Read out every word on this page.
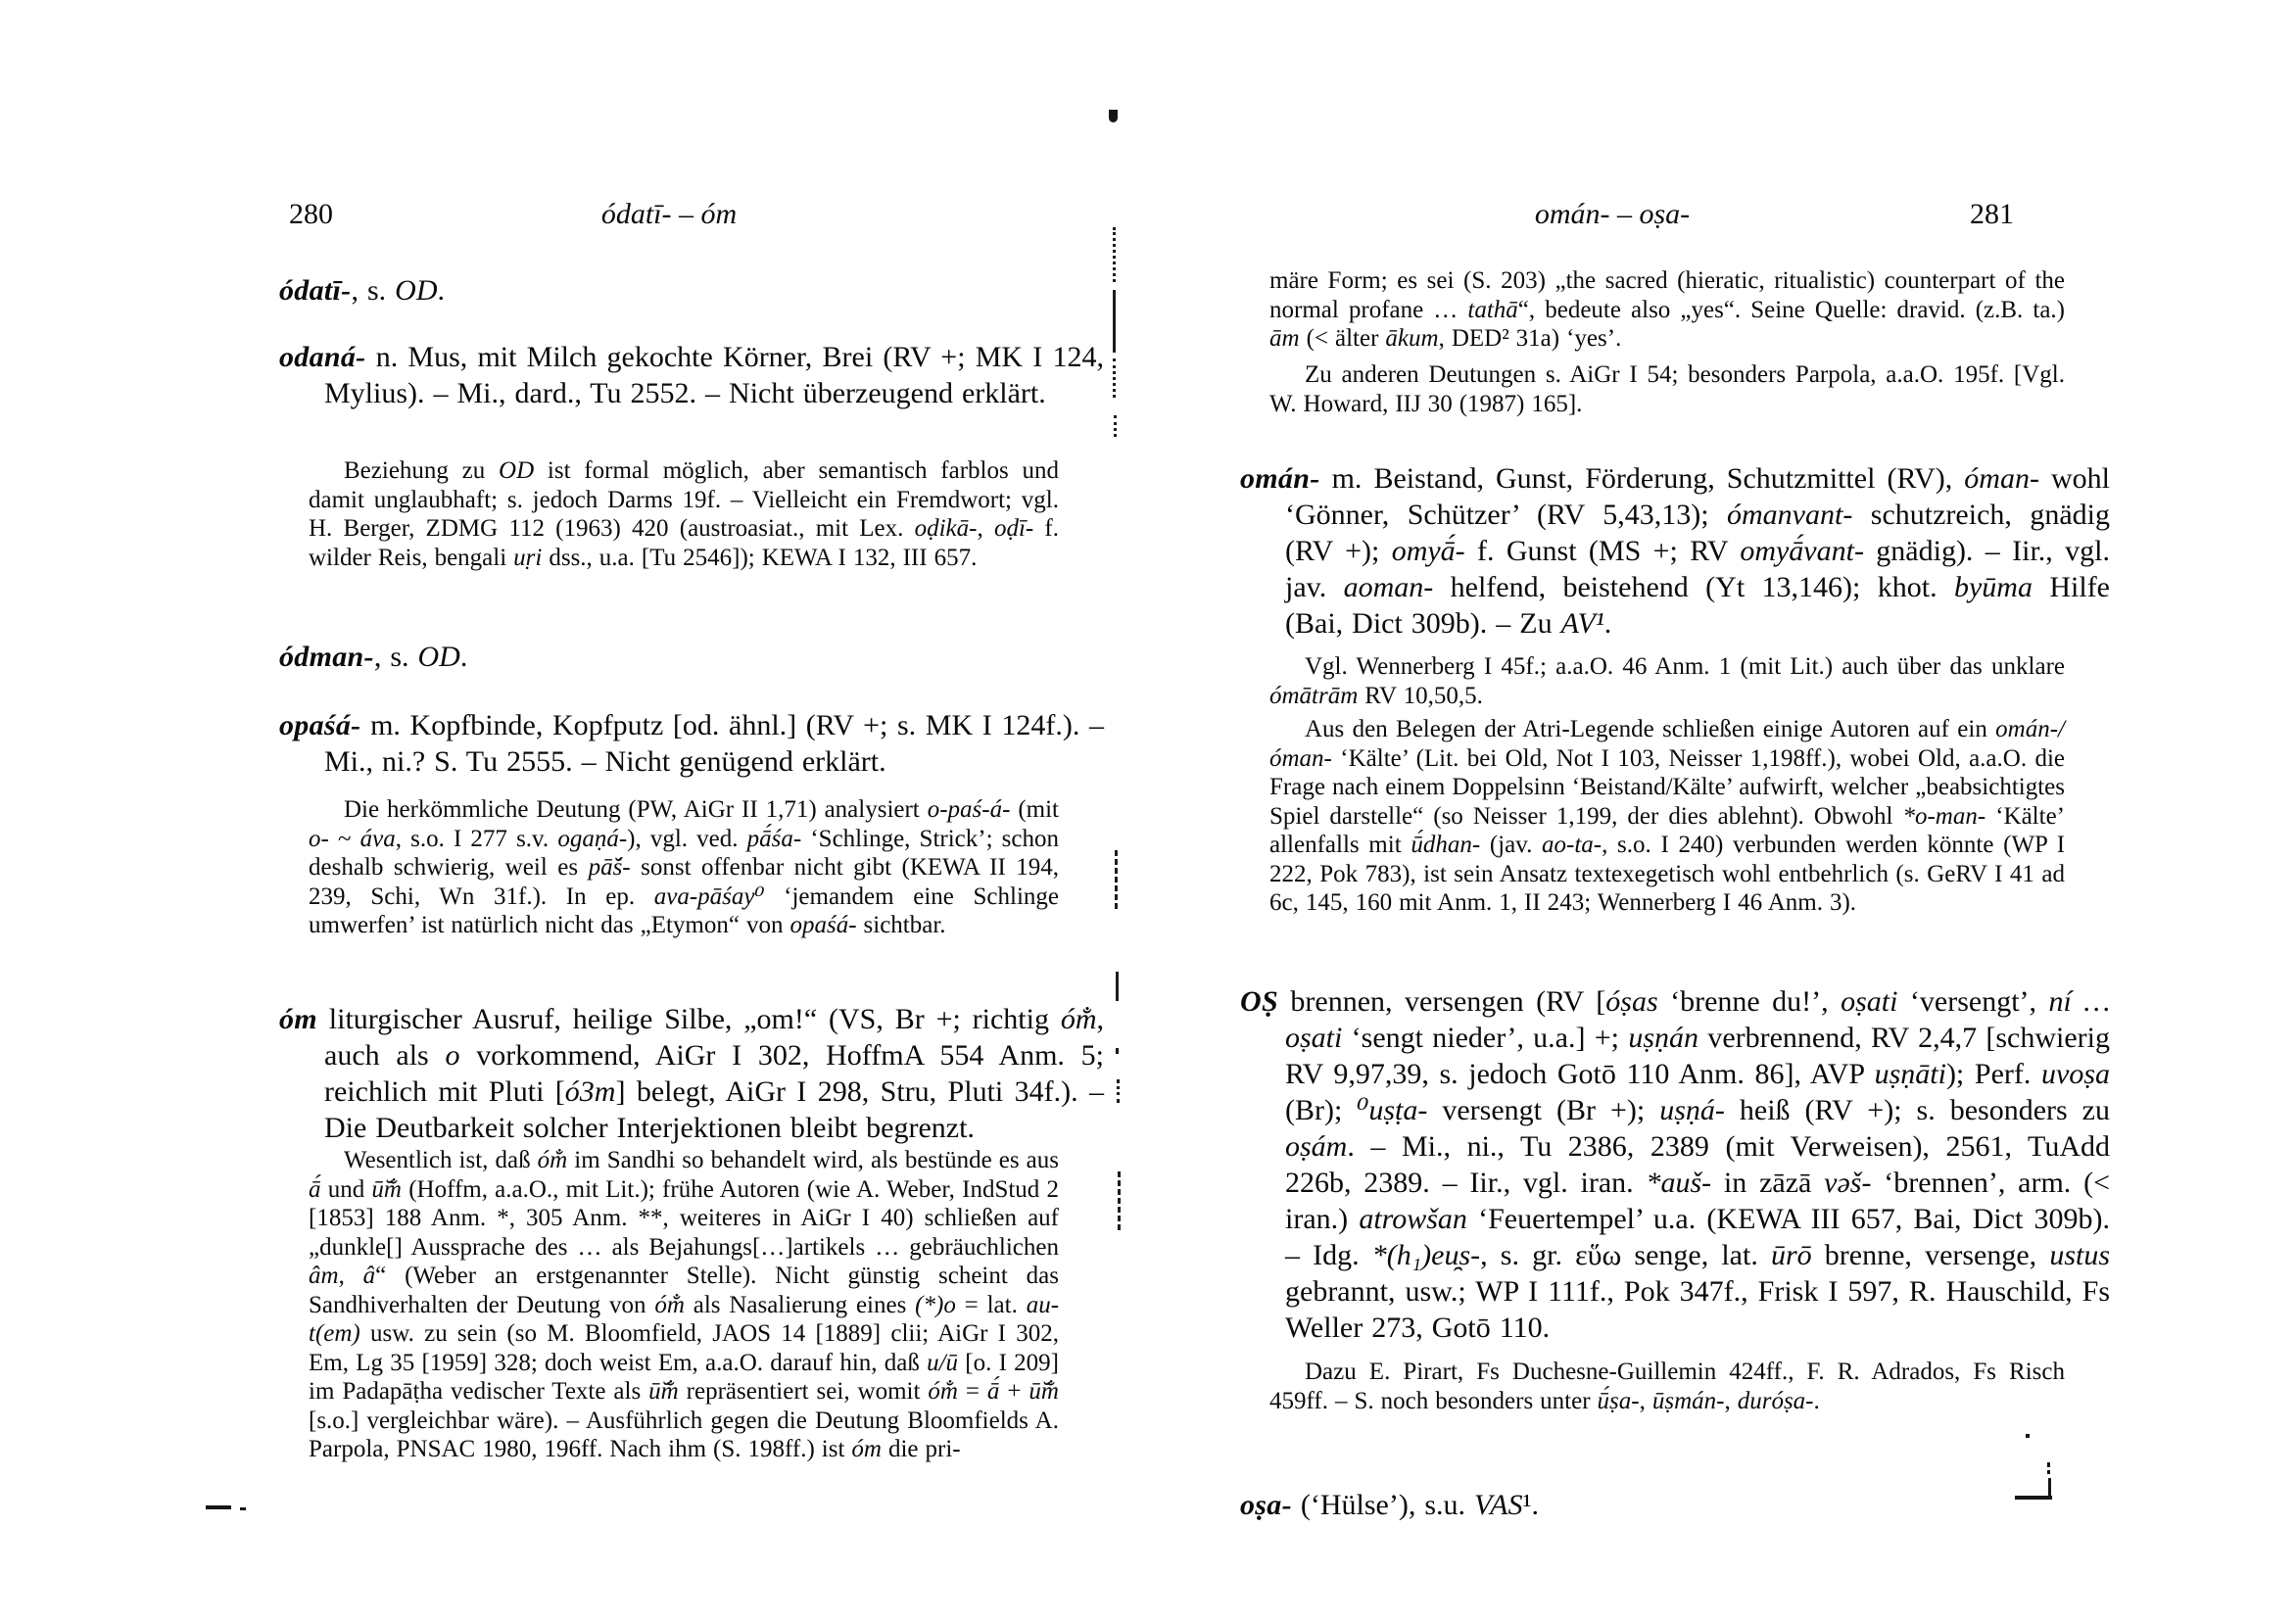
280	ódatī- – óm
ódatī-, s. OD.
odaná- n. Mus, mit Milch gekochte Körner, Brei (RV +; MK I 124, Mylius). – Mi., dard., Tu 2552. – Nicht überzeugend erklärt.
Beziehung zu OD ist formal möglich, aber semantisch farblos und damit unglaubhaft; s. jedoch Darms 19f. – Vielleicht ein Fremdwort; vgl. H. Berger, ZDMG 112 (1963) 420 (austroasiat., mit Lex. oḍikā-, oḍī- f. wilder Reis, bengali uṛi dss., u.a. [Tu 2546]); KEWA I 132, III 657.
ódman-, s. OD.
opaśá- m. Kopfbinde, Kopfputz [od. ähnl.] (RV +; s. MK I 124f.). – Mi., ni.? S. Tu 2555. – Nicht genügend erklärt.
Die herkömmliche Deutung (PW, AiGr II 1,71) analysiert o-paś-á- (mit o- ~ áva, s.o. I 277 s.v. ogaṇá-), vgl. ved. pā́śa- ‘Schlinge, Strick’; schon deshalb schwierig, weil es pā̆ś- sonst offenbar nicht gibt (KEWA II 194, 239, Schi, Wn 31f.). In ep. ava-pāśay⁰ ‘jemandem eine Schlinge umwerfen’ ist natürlich nicht das „Etymon“ von opaśá- sichtbar.
óm liturgischer Ausruf, heilige Silbe, „om!“ (VS, Br +; richtig óm̐, auch als o vorkommend, AiGr I 302, HoffmA 554 Anm. 5; reichlich mit Pluti [ó3m] belegt, AiGr I 298, Stru, Pluti 34f.). – Die Deutbarkeit solcher Interjektionen bleibt begrenzt.
Wesentlich ist, daß óm̐ im Sandhi so behandelt wird, als bestünde es aus ā́ und ū̆m̐ (Hoffm, a.a.O., mit Lit.); frühe Autoren (wie A. Weber, IndStud 2 [1853] 188 Anm. *, 305 Anm. **, weiteres in AiGr I 40) schließen auf „dunkle[] Aussprache des … als Bejahungs[…]artikels … gebräuchlichen âm, â“ (Weber an erstgenannter Stelle). Nicht günstig scheint das Sandhiverhalten der Deutung von óm̐ als Nasalierung eines (*)o = lat. au-t(em) usw. zu sein (so M. Bloomfield, JAOS 14 [1889] clii; AiGr I 302, Em, Lg 35 [1959] 328; doch weist Em, a.a.O. darauf hin, daß u/ū [o. I 209] im Padapāṭha vedischer Texte als ū̆m̐ repräsentiert sei, womit óm̐ = ā́ + ū̆m̐ [s.o.] vergleichbar wäre). – Ausführlich gegen die Deutung Bloomfields A. Parpola, PNSAC 1980, 196ff. Nach ihm (S. 198ff.) ist óm die pri-
omán- – oṣa-	281
märe Form; es sei (S. 203) „the sacred (hieratic, ritualistic) counterpart of the normal profane … tathā“, bedeute also „yes“. Seine Quelle: dravid. (z.B. ta.) ām (< älter ākum, DED² 31a) ‘yes’.
Zu anderen Deutungen s. AiGr I 54; besonders Parpola, a.a.O. 195f. [Vgl. W. Howard, IIJ 30 (1987) 165].
omán- m. Beistand, Gunst, Förderung, Schutzmittel (RV), óman- wohl ‘Gönner, Schützer’ (RV 5,43,13); ómanvant- schutzreich, gnädig (RV +); omyā́- f. Gunst (MS +; RV omyā́vant- gnädig). – Iir., vgl. jav. aoman- helfend, beistehend (Yt 13,146); khot. byūma Hilfe (Bai, Dict 309b). – Zu AV¹.
Vgl. Wennerberg I 45f.; a.a.O. 46 Anm. 1 (mit Lit.) auch über das unklare ómātrām RV 10,50,5.
Aus den Belegen der Atri-Legende schließen einige Autoren auf ein omán-/óman- ‘Kälte’ (Lit. bei Old, Not I 103, Neisser 1,198ff.), wobei Old, a.a.O. die Frage nach einem Doppelsinn ‘Beistand/Kälte’ aufwirft, welcher „beabsichtigtes Spiel darstelle“ (so Neisser 1,199, der dies ablehnt). Obwohl *o-man- ‘Kälte’ allenfalls mit ū́dhan- (jav. ao-ta-, s.o. I 240) verbunden werden könnte (WP I 222, Pok 783), ist sein Ansatz textexegetisch wohl entbehrlich (s. GeRV I 41 ad 6c, 145, 160 mit Anm. 1, II 243; Wennerberg I 46 Anm. 3).
OṢ brennen, versengen (RV [óṣas ‘brenne du!’, oṣati ‘versengt’, ní … oṣati ‘sengt nieder’, u.a.] +; uṣṇán verbrennend, RV 2,4,7 [schwierig RV 9,97,39, s. jedoch Gotō 110 Anm. 86], AVP uṣṇāti); Perf. uvoṣa (Br); ⁰uṣṭa- versengt (Br +); uṣṇá- heiß (RV +); s. besonders zu oṣám. – Mi., ni., Tu 2386, 2389 (mit Verweisen), 2561, TuAdd 226b, 2389. – Iir., vgl. iran. *auš- in zāzā vəš- ‘brennen’, arm. (< iran.) atrowšan ‘Feuertempel’ u.a. (KEWA III 657, Bai, Dict 309b). – Idg. *(h₁)eu̯s-, s. gr. εὕω senge, lat. ūrō brenne, versenge, ustus gebrannt, usw.; WP I 111f., Pok 347f., Frisk I 597, R. Hauschild, Fs Weller 273, Gotō 110.
Dazu E. Pirart, Fs Duchesne-Guillemin 424ff., F. R. Adrados, Fs Risch 459ff. – S. noch besonders unter ū́ṣa-, ūṣmán-, duróṣa-.
oṣa- (‘Hülse’), s.u. VAS¹.
